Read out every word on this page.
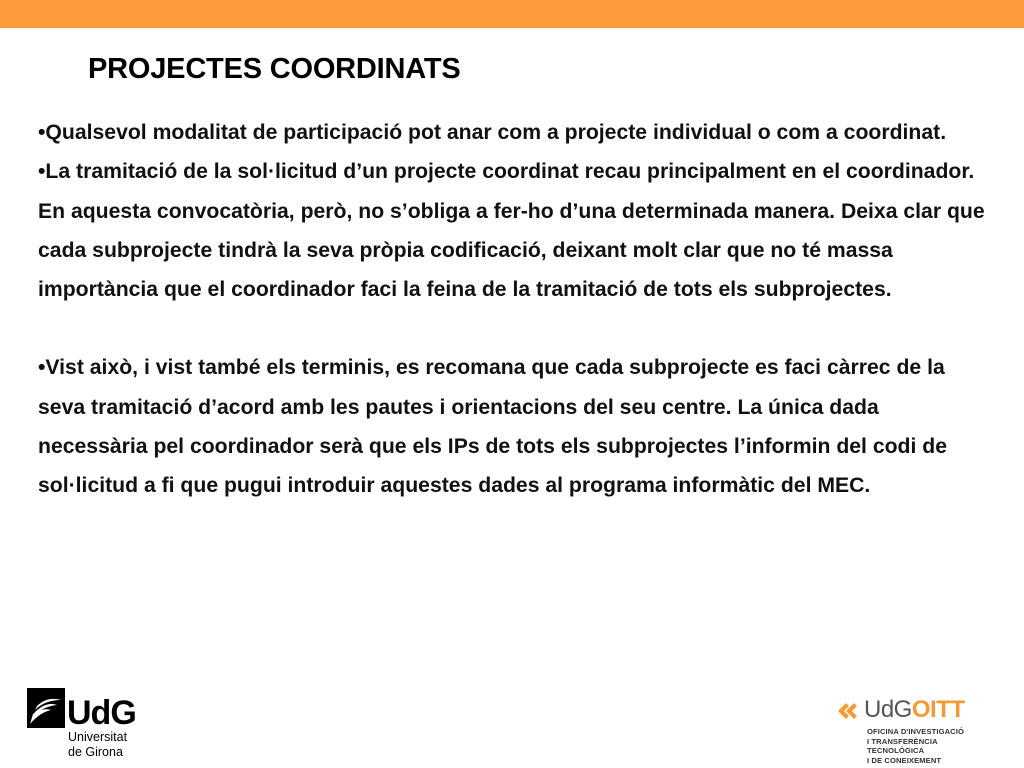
PROJECTES COORDINATS

•Qualsevol modalitat de participació pot anar com a projecte individual o com a coordinat.

•La tramitació de la sol·licitud d’un projecte coordinat recau principalment en el coordinador. En aquesta convocatòria, però, no s’obliga a fer-ho d’una determinada manera. Deixa clar que cada subprojecte tindrà la seva pròpia codificació, deixant molt clar que no té massa importància que el coordinador faci la feina de la tramitació de tots els subprojectes.

•Vist això, i vist també els terminis, es recomana que cada subprojecte es faci càrrec de la seva tramitació d’acord amb les pautes i orientacions del seu centre. La única dada necessària pel coordinador serà que els IPs de tots els subprojectes l’informin del codi de sol·licitud a fi que pugui introduir aquestes dades al programa informàtic del MEC.

UdG
Universitat
de Girona
UdGOITT
OFICINA D'INVESTIGACIÓ
I TRANSFERÈNCIA TECNOLÒGICA
I DE CONEIXEMENT
